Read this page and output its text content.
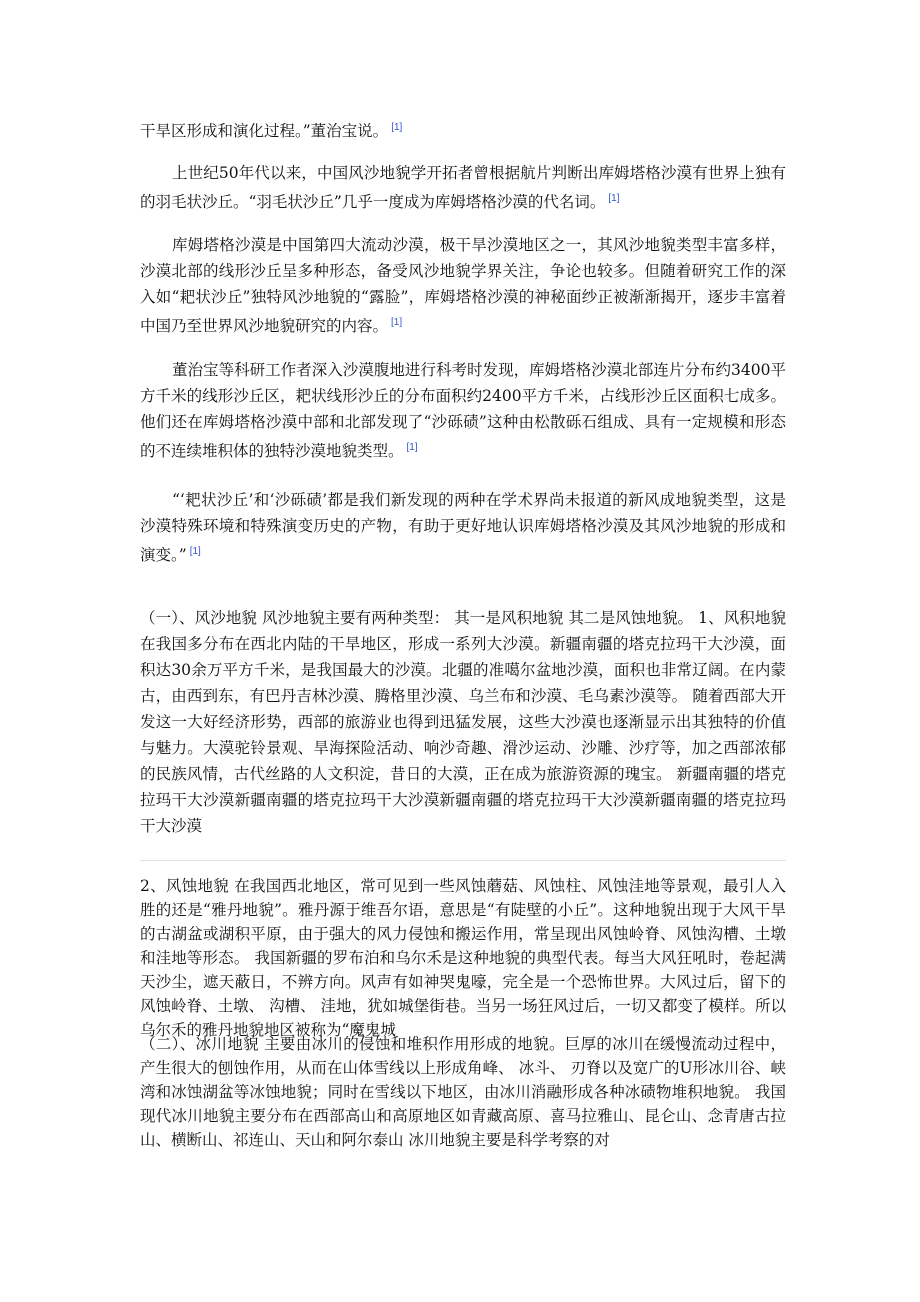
干旱区形成和演化过程。”董治宝说。 [1]

上世纪50年代以来，中国风沙地貌学开拓者曾根据航片判断出库姆塔格沙漠有世界上独有的羽毛状沙丘。“羽毛状沙丘”几乎一度成为库姆塔格沙漠的代名词。 [1]

库姆塔格沙漠是中国第四大流动沙漠，极干旱沙漠地区之一，其风沙地貌类型丰富多样，沙漠北部的线形沙丘呈多种形态，备受风沙地貌学界关注，争论也较多。但随着研究工作的深入如“耙状沙丘”独特风沙地貌的“露脸”，库姆塔格沙漠的神秘面纱正被渐渐揭开，逐步丰富着中国乃至世界风沙地貌研究的内容。 [1]

董治宝等科研工作者深入沙漠腹地进行科考时发现，库姆塔格沙漠北部连片分布约3400平方千米的线形沙丘区，耙状线形沙丘的分布面积约2400平方千米，占线形沙丘区面积七成多。他们还在库姆塔格沙漠中部和北部发现了“沙砾碛”这种由松散砾石组成、具有一定规模和形态的不连续堆积体的独特沙漠地貌类型。 [1]

“‘耙状沙丘’和‘沙砾碛’都是我们新发现的两种在学术界尚未报道的新风成地貌类型，这是沙漠特殊环境和特殊演变历史的产物，有助于更好地认识库姆塔格沙漠及其风沙地貌的形成和演变。” [1]

（一）、风沙地貌 风沙地貌主要有两种类型： 其一是风积地貌 其二是风蚀地貌。 1、风积地貌 在我国多分布在西北内陆的干旱地区，形成一系列大沙漠。新疆南疆的塔克拉玛干大沙漠，面积达30余万平方千米，是我国最大的沙漠。北疆的准噶尔盆地沙漠，面积也非常辽阔。在内蒙古，由西到东，有巴丹吉林沙漠、腾格里沙漠、乌兰布和沙漠、毛乌素沙漠等。 随着西部大开发这一大好经济形势，西部的旅游业也得到迅猛发展，这些大沙漠也逐渐显示出其独特的价值与魅力。大漠驼铃景观、旱海探险活动、响沙奇趣、滑沙运动、沙雕、沙疗等，加之西部浓郁的民族风情，古代丝路的人文积淀，昔日的大漠，正在成为旅游资源的瑰宝。 新疆南疆的塔克拉玛干大沙漠新疆南疆的塔克拉玛干大沙漠新疆南疆的塔克拉玛干大沙漠新疆南疆的塔克拉玛干大沙漠

2、风蚀地貌 在我国西北地区，常可见到一些风蚀蘑菇、风蚀柱、风蚀洼地等景观，最引人入胜的还是“雅丹地貌”。雅丹源于维吾尔语，意思是“有陡壁的小丘”。这种地貌出现于大风干旱的古湖盆或湖积平原，由于强大的风力侵蚀和搬运作用，常呈现出风蚀岭脊、风蚀沟槽、土墩和洼地等形态。 我国新疆的罗布泊和乌尔禾是这种地貌的典型代表。每当大风狂吼时，卷起满天沙尘，遮天蔽日，不辨方向。风声有如神哭鬼嚎，完全是一个恐怖世界。大风过后，留下的风蚀岭脊、土墩、 沟槽、 洼地，犹如城堡街巷。当另一场狂风过后，一切又都变了模样。所以乌尔禾的雅丹地貌地区被称为“魔鬼城

（二）、冰川地貌 主要由冰川的侵蚀和堆积作用形成的地貌。巨厚的冰川在缓慢流动过程中，产生很大的刨蚀作用，从而在山体雪线以上形成角峰、 冰斗、 刃脊以及宽广的U形冰川谷、峡湾和冰蚀湖盆等冰蚀地貌；同时在雪线以下地区，由冰川消融形成各种冰碛物堆积地貌。 我国现代冰川地貌主要分布在西部高山和高原地区如青藏高原、喜马拉雅山、昆仑山、念青唐古拉山、横断山、祁连山、天山和阿尔泰山 冰川地貌主要是科学考察的对
